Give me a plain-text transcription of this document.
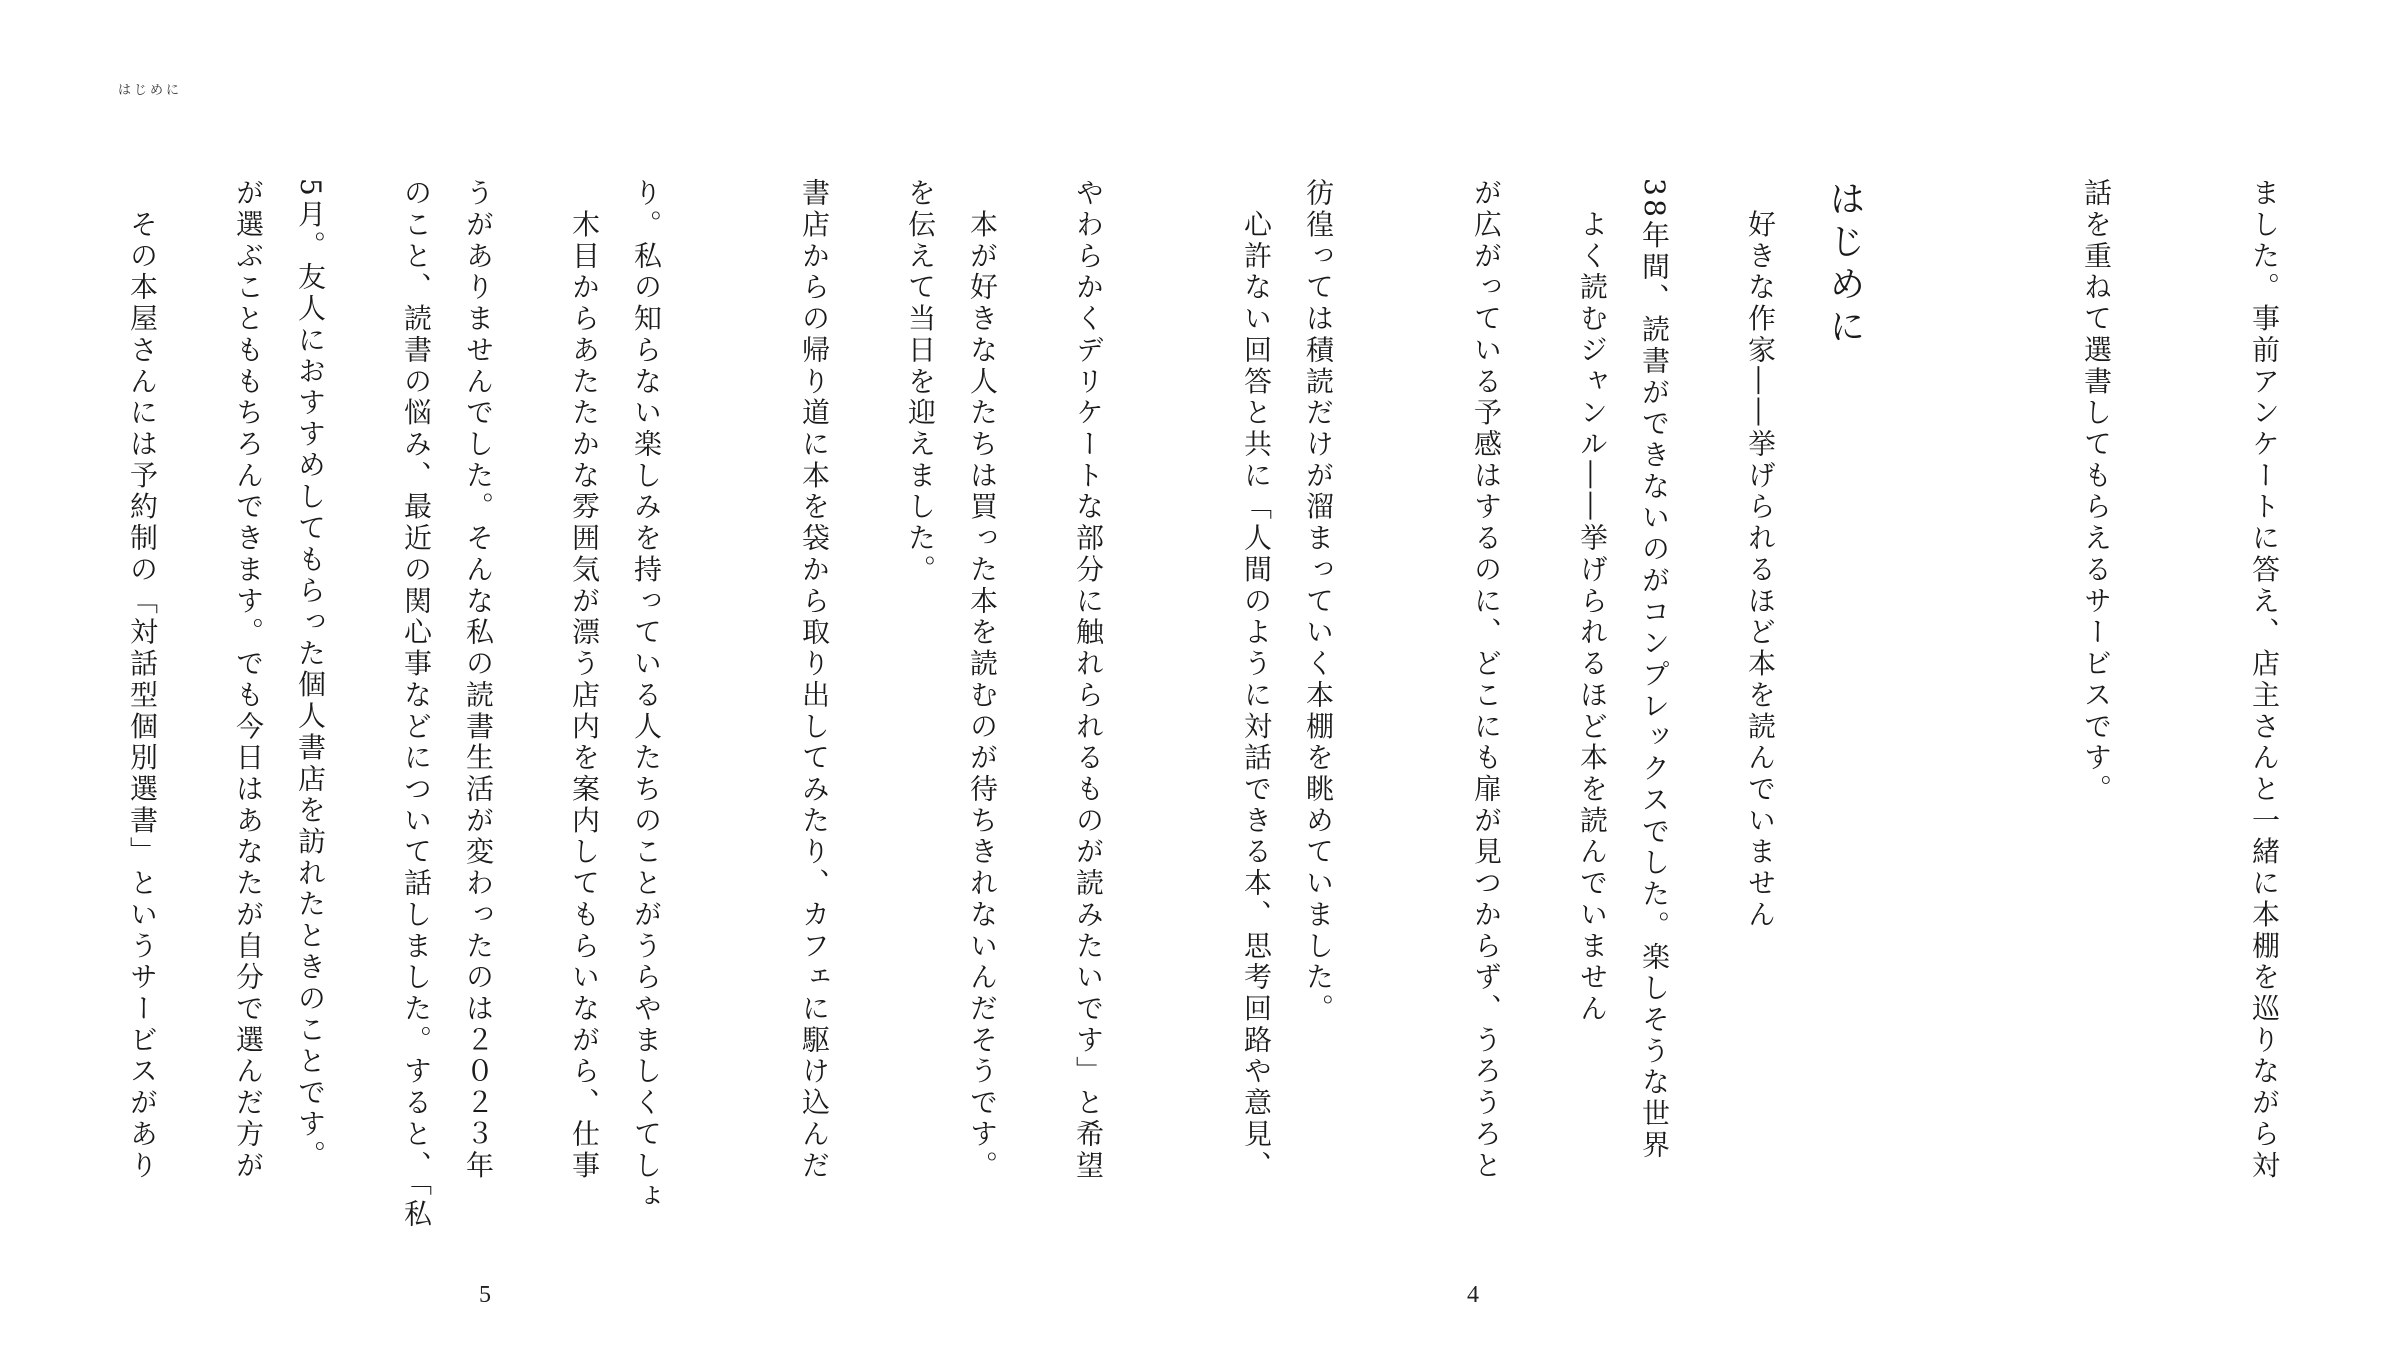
はじめに

ました。事前アンケートに答え、店主さんと一緒に本棚を巡りながら対

話を重ねて選書してもらえるサービスです。

　好きな作家――挙げられるほど本を読んでいません

　よく読むジャンル――挙げられるほど本を読んでいません

　心許ない回答と共に「人間のように対話できる本、思考回路や意見、

やわらかくデリケートな部分に触れられるものが読みたいです」と希望

を伝えて当日を迎えました。

　木目からあたたかな雰囲気が漂う店内を案内してもらいながら、仕事

のこと、読書の悩み、最近の関心事などについて話しました。すると、「私

が選ぶことももちろんできます。でも今日はあなたが自分で選んだ方が

5
はじめに

38年間、読書ができないのがコンプレックスでした。楽しそうな世界

が広がっている予感はするのに、どこにも扉が見つからず、うろうろと

彷徨っては積読だけが溜まっていく本棚を眺めていました。

　本が好きな人たちは買った本を読むのが待ちきれないんだそうです。

書店からの帰り道に本を袋から取り出してみたり、カフェに駆け込んだ

り。私の知らない楽しみを持っている人たちのことがうらやましくてしょ

うがありませんでした。そんな私の読書生活が変わったのは２０２３年

5月。友人におすすめしてもらった個人書店を訪れたときのことです。

　その本屋さんには予約制の「対話型個別選書」というサービスがあり

4
